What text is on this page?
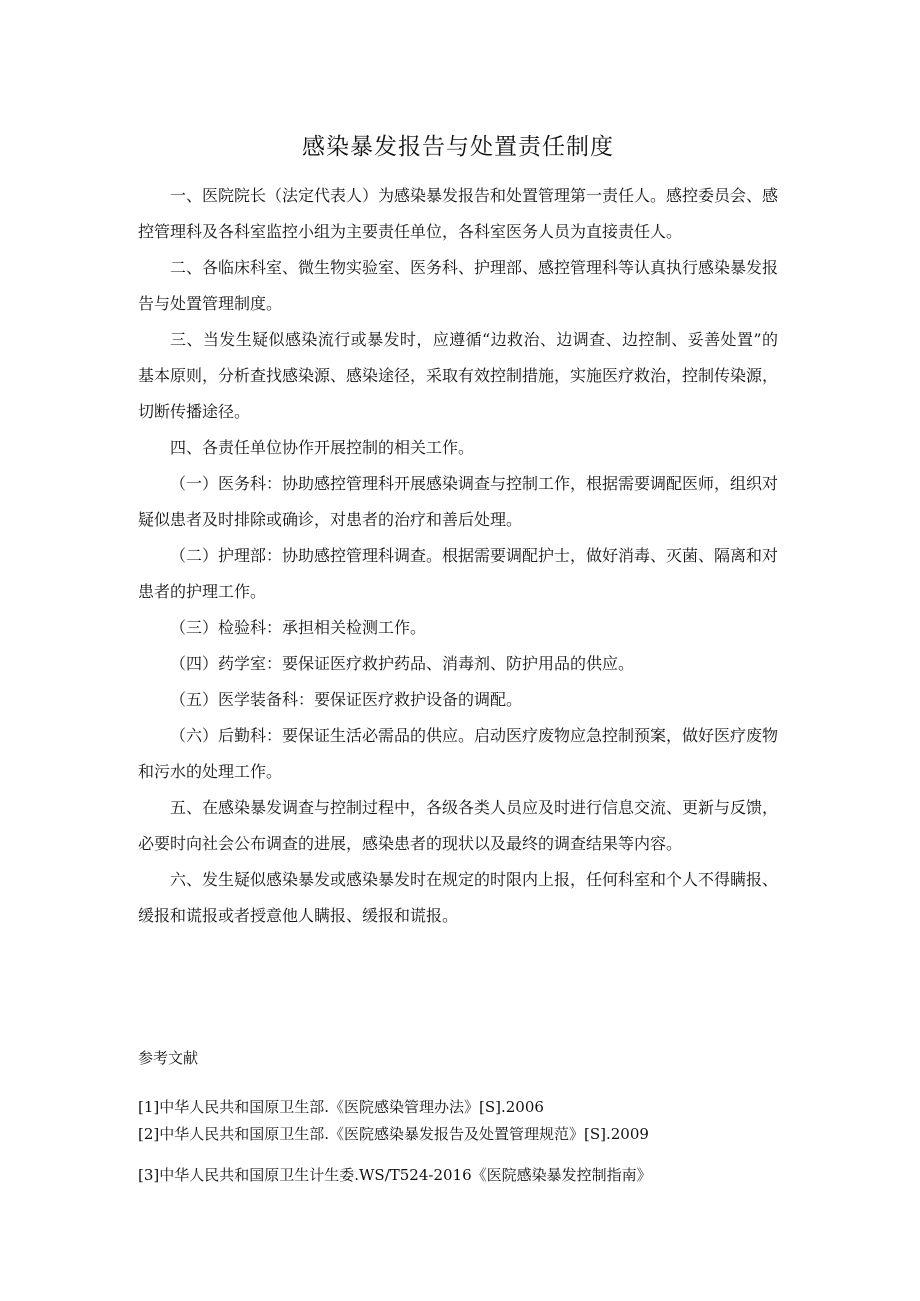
感染暴发报告与处置责任制度

一、医院院长（法定代表人）为感染暴发报告和处置管理第一责任人。感控委员会、感控管理科及各科室监控小组为主要责任单位，各科室医务人员为直接责任人。

二、各临床科室、微生物实验室、医务科、护理部、感控管理科等认真执行感染暴发报告与处置管理制度。

三、当发生疑似感染流行或暴发时，应遵循“边救治、边调查、边控制、妥善处置”的基本原则，分析查找感染源、感染途径，采取有效控制措施，实施医疗救治，控制传染源，切断传播途径。

四、各责任单位协作开展控制的相关工作。

（一）医务科：协助感控管理科开展感染调查与控制工作，根据需要调配医师，组织对疑似患者及时排除或确诊，对患者的治疗和善后处理。

（二）护理部：协助感控管理科调查。根据需要调配护士，做好消毒、灭菌、隔离和对患者的护理工作。

（三）检验科：承担相关检测工作。

（四）药学室：要保证医疗救护药品、消毒剂、防护用品的供应。

（五）医学装备科：要保证医疗救护设备的调配。

（六）后勤科：要保证生活必需品的供应。启动医疗废物应急控制预案，做好医疗废物和污水的处理工作。

五、在感染暴发调查与控制过程中，各级各类人员应及时进行信息交流、更新与反馈，必要时向社会公布调查的进展，感染患者的现状以及最终的调查结果等内容。

六、发生疑似感染暴发或感染暴发时在规定的时限内上报，任何科室和个人不得瞒报、缓报和谎报或者授意他人瞒报、缓报和谎报。

参考文献

[1]中华人民共和国原卫生部.《医院感染管理办法》[S].2006

[2]中华人民共和国原卫生部.《医院感染暴发报告及处置管理规范》[S].2009

[3]中华人民共和国原卫生计生委.WS/T524-2016《医院感染暴发控制指南》
